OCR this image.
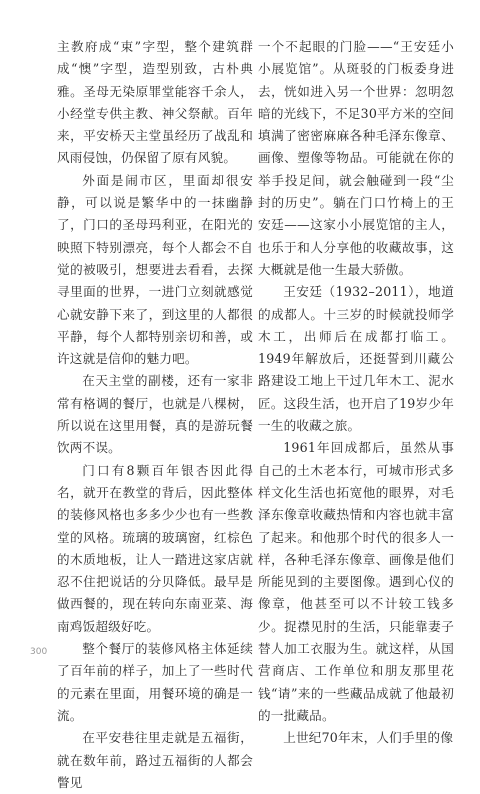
主教府成“束”字型，整个建筑群成“懊”字型，造型别致，古朴典雅。圣母无染原罪堂能容千余人，小经堂专供主教、神父祭献。百年来，平安桥天主堂虽经历了战乱和风雨侵蚀，仍保留了原有风貌。

外面是闹市区，里面却很安静，可以说是繁华中的一抹幽静了，门口的圣母玛利亚，在阳光的映照下特别漂亮，每个人都会不自觉的被吸引，想要进去看看，去探寻里面的世界，一进门立刻就感觉心就安静下来了，到这里的人都很平静，每个人都特别亲切和善，或许这就是信仰的魅力吧。

在天主堂的副楼，还有一家非常有格调的餐厅，也就是八棵树，所以说在这里用餐，真的是游玩餐饮两不误。

门口有8颗百年银杏因此得名，就开在教堂的背后，因此整体的装修风格也多多少少也有一些教堂的风格。琉璃的玻璃窗，红棕色的木质地板，让人一踏进这家店就忍不住把说话的分贝降低。最早是做西餐的，现在转向东南亚菜、海南鸡饭超级好吃。

整个餐厅的装修风格主体延续了百年前的样子，加上了一些时代的元素在里面，用餐环境的确是一流。

在平安巷往里走就是五福街，就在数年前，路过五福街的人都会瞥见

一个不起眼的门脸——“王安廷小小展览馆”。从斑驳的门板委身进去，恍如进入另一个世界：忽明忽暗的光线下，不足30平方米的空间填满了密密麻麻各种毛泽东像章、画像、塑像等物品。可能就在你的举手投足间，就会触碰到一段“尘封的历史”。躺在门口竹椅上的王安廷——这家小小展览馆的主人，也乐于和人分享他的收藏故事，这大概就是他一生最大骄傲。

王安廷（1932–2011），地道的成都人。十三岁的时候就投师学木工，出师后在成都打临工。1949年解放后，还挺誓到川藏公路建设工地上干过几年木工、泥水匠。这段生活，也开启了19岁少年一生的收藏之旅。

1961年回成都后，虽然从事自己的土木老本行，可城市形式多样文化生活也拓宽他的眼界，对毛泽东像章收藏热情和内容也就丰富了起来。和他那个时代的很多人一样，各种毛泽东像章、画像是他们所能见到的主要图像。遇到心仪的像章，他甚至可以不计较工钱多少。捉襟见肘的生活，只能靠妻子替人加工衣服为生。就这样，从国营商店、工作单位和朋友那里花钱“请”来的一些藏品成就了他最初的一批藏品。

上世纪70年末，人们手里的像

300
